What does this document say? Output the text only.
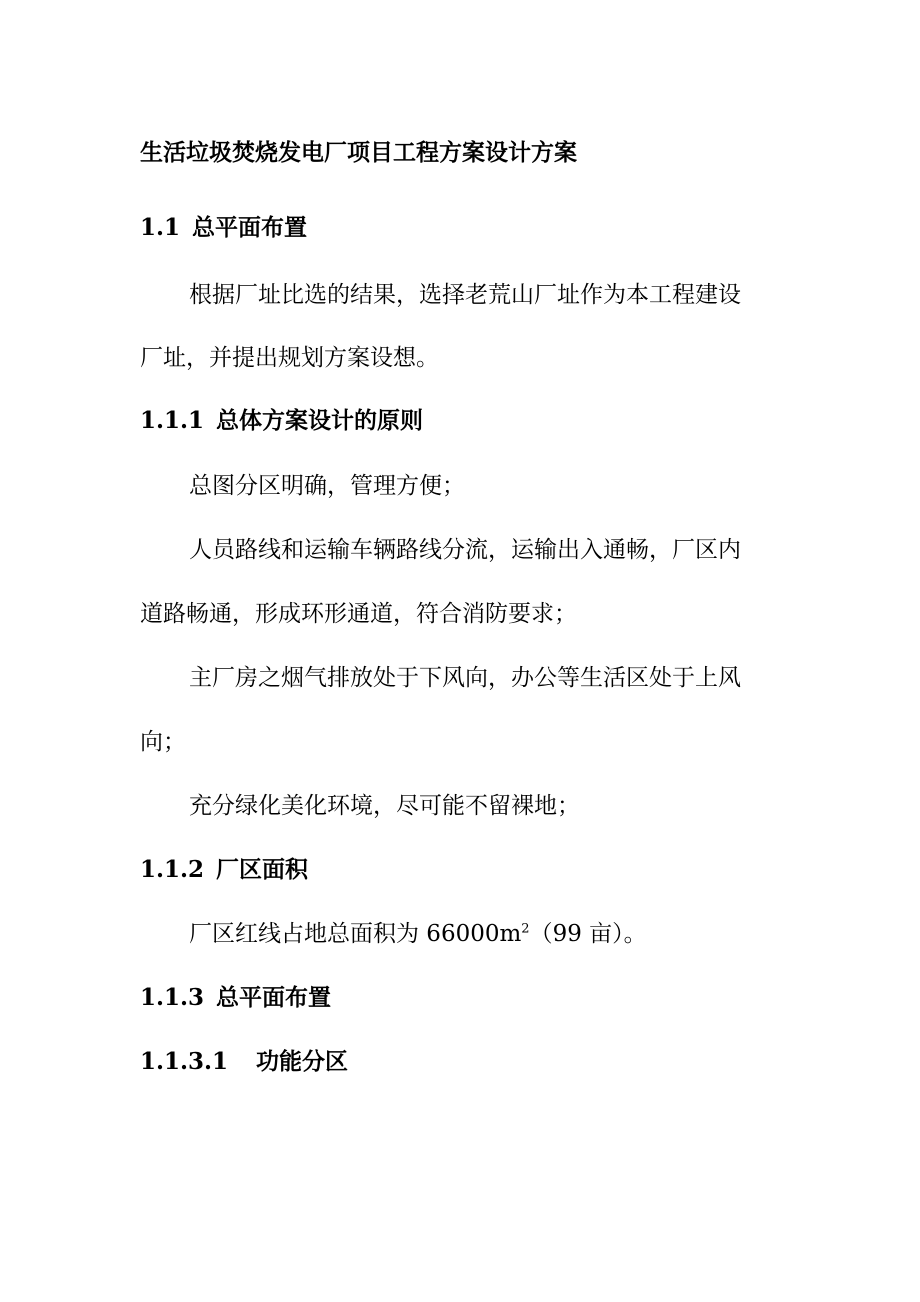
生活垃圾焚烧发电厂项目工程方案设计方案
1.1 总平面布置
根据厂址比选的结果，选择老荒山厂址作为本工程建设
厂址，并提出规划方案设想。
1.1.1 总体方案设计的原则
总图分区明确，管理方便；
人员路线和运输车辆路线分流，运输出入通畅，厂区内
道路畅通，形成环形通道，符合消防要求；
主厂房之烟气排放处于下风向，办公等生活区处于上风
向；
充分绿化美化环境，尽可能不留裸地；
1.1.2 厂区面积
厂区红线占地总面积为 $66000m^2(99$ 亩）。
1.1.3 总平面布置
1.1.3.1 功能分区
